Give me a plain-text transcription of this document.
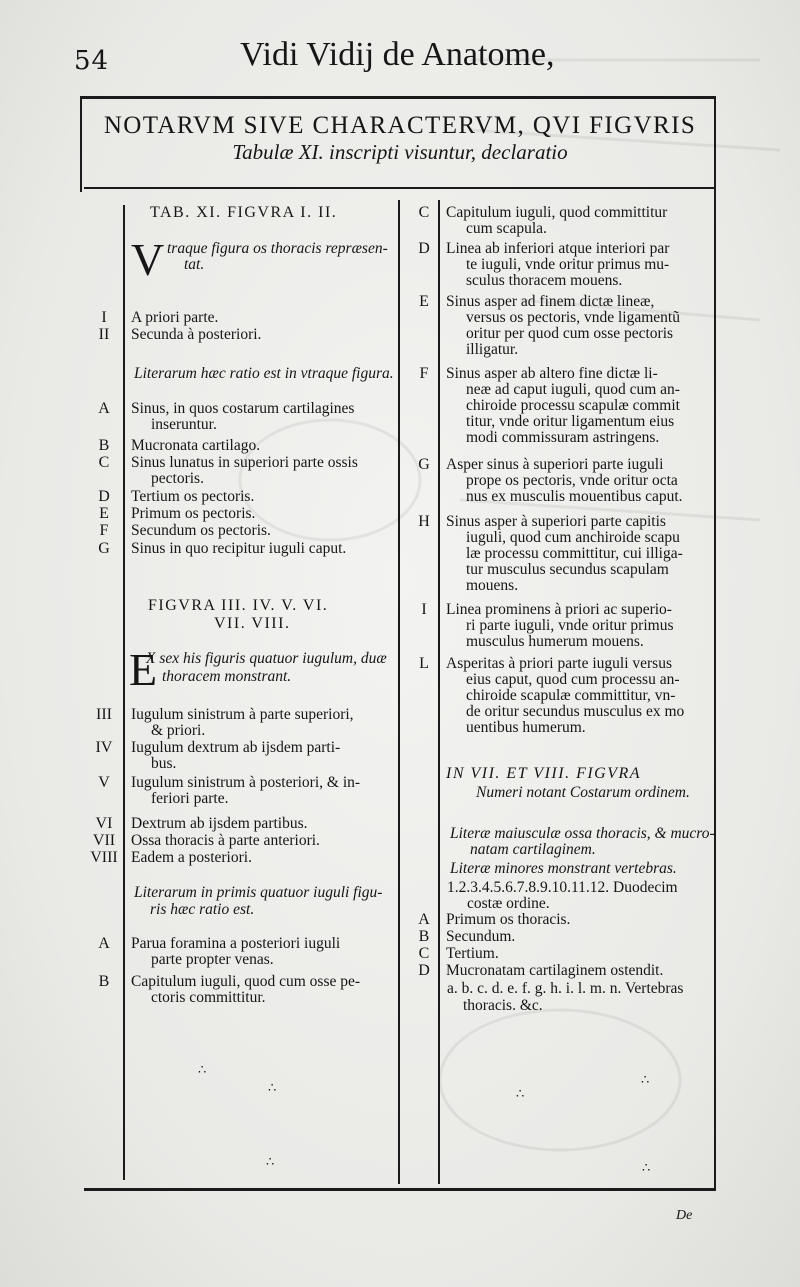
54	Vidi Vidij de Anatome,
NOTARVM SIVE CHARACTERVM, QVI FIGVRIS
Tabulæ XI. inscripti visuntur, declaratio
TAB. XI. FIGVRA I. II.
V traque figura os thoracis repræsen-
tat.
I	A priori parte.
II	Secunda à posteriori.
Literarum hæc ratio est in vtraque figura.
A	Sinus, in quos costarum cartilagines
inseruntur.
B	Mucronata cartilago.
C	Sinus lunatus in superiori parte ossis
pectoris.
D	Tertium os pectoris.
E	Primum os pectoris.
F	Secundum os pectoris.
G	Sinus in quo recipitur iuguli caput.
FIGVRA III. IV. V. VI.
VII. VIII.
E
X sex his figuris quatuor iugulum, duæ
thoracem monstrant.
III	Iugulum sinistrum à parte superiori,
& priori.
IV	Iugulum dextrum ab ijsdem parti-
bus.
V	Iugulum sinistrum à posteriori, & in-
feriori parte.
VI	Dextrum ab ijsdem partibus.
VII	Ossa thoracis à parte anteriori.
VIII Eadem a posteriori.
Literarum in primis quatuor iuguli figu-
ris hæc ratio est.
A	Parua foramina a posteriori iuguli
parte propter venas.
B	Capitulum iuguli, quod cum osse pe-
ctoris committitur.
C	Capitulum iuguli, quod committitur
cum scapula.
D	Linea ab inferiori atque interiori par
te iuguli, vnde oritur primus mu-
sculus thoracem mouens.
E	Sinus asper ad finem dictæ lineæ,
versus os pectoris, vnde ligamentũ
oritur per quod cum osse pectoris
illigatur.
F	Sinus asper ab altero fine dictæ li-
neæ ad caput iuguli, quod cum an-
chiroide processu scapulæ commit
titur, vnde oritur ligamentum eius
modi commissuram astringens.
G	Asper sinus à superiori parte iuguli
prope os pectoris, vnde oritur octa
nus ex musculis mouentibus caput.
H	Sinus asper à superiori parte capitis
iuguli, quod cum anchiroide scapu
læ processu committitur, cui illiga-
tur musculus secundus scapulam
mouens.
I	Linea prominens à priori ac superio-
ri parte iuguli, vnde oritur primus
musculus humerum mouens.
L	Asperitas à priori parte iuguli versus
eius caput, quod cum processu an-
chiroide scapulæ committitur, vn-
de oritur secundus musculus ex mo
uentibus humerum.
IN VII. ET VIII. FIGVRA
Numeri notant Costarum ordinem.
Literæ maiusculæ ossa thoracis, & mucro-
natam cartilaginem.
Literæ minores monstrant vertebras.
1.2.3.4.5.6.7.8.9.10.11.12. Duodecim
costæ ordine.
A	Primum os thoracis.
B	Secundum.
C	Tertium.
D	Mucronatam cartilaginem ostendit.
a. b. c. d. e. f. g. h. i. l. m. n. Vertebras
thoracis. &c.
∴
∴
∴
∴
∴
∴
De
